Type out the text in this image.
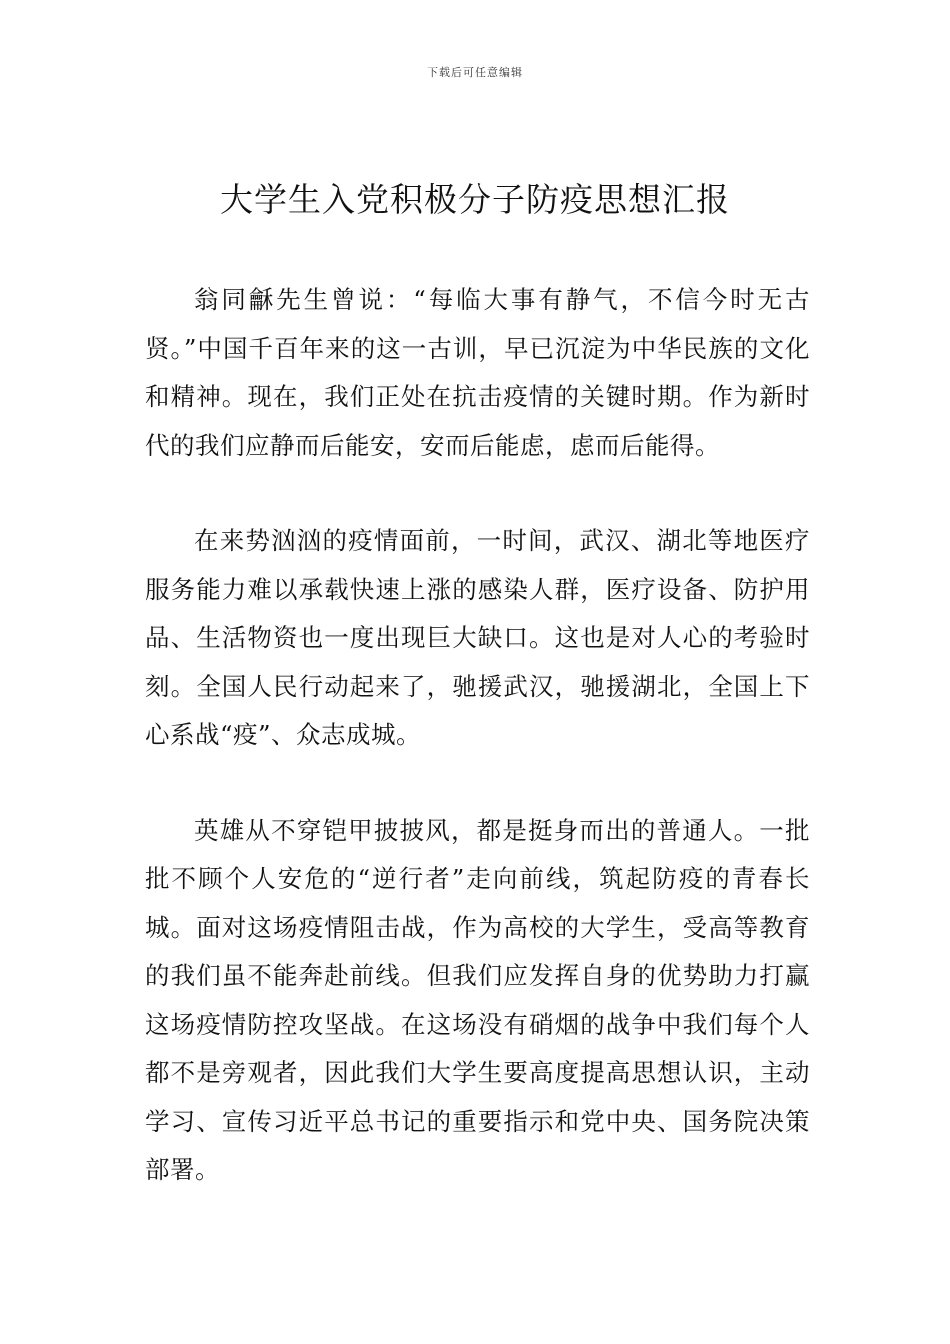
下载后可任意编辑
大学生入党积极分子防疫思想汇报

翁同龢先生曾说：“每临大事有静气，不信今时无古贤。”中国千百年来的这一古训，早已沉淀为中华民族的文化和精神。现在，我们正处在抗击疫情的关键时期。作为新时代的我们应静而后能安，安而后能虑，虑而后能得。

在来势汹汹的疫情面前，一时间，武汉、湖北等地医疗服务能力难以承载快速上涨的感染人群，医疗设备、防护用品、生活物资也一度出现巨大缺口。这也是对人心的考验时刻。全国人民行动起来了，驰援武汉，驰援湖北，全国上下心系战“疫”、众志成城。

英雄从不穿铠甲披披风，都是挺身而出的普通人。一批批不顾个人安危的“逆行者”走向前线，筑起防疫的青春长城。面对这场疫情阻击战，作为高校的大学生，受高等教育的我们虽不能奔赴前线。但我们应发挥自身的优势助力打赢这场疫情防控攻坚战。在这场没有硝烟的战争中我们每个人都不是旁观者，因此我们大学生要高度提高思想认识，主动学习、宣传习近平总书记的重要指示和党中央、国务院决策部署。
